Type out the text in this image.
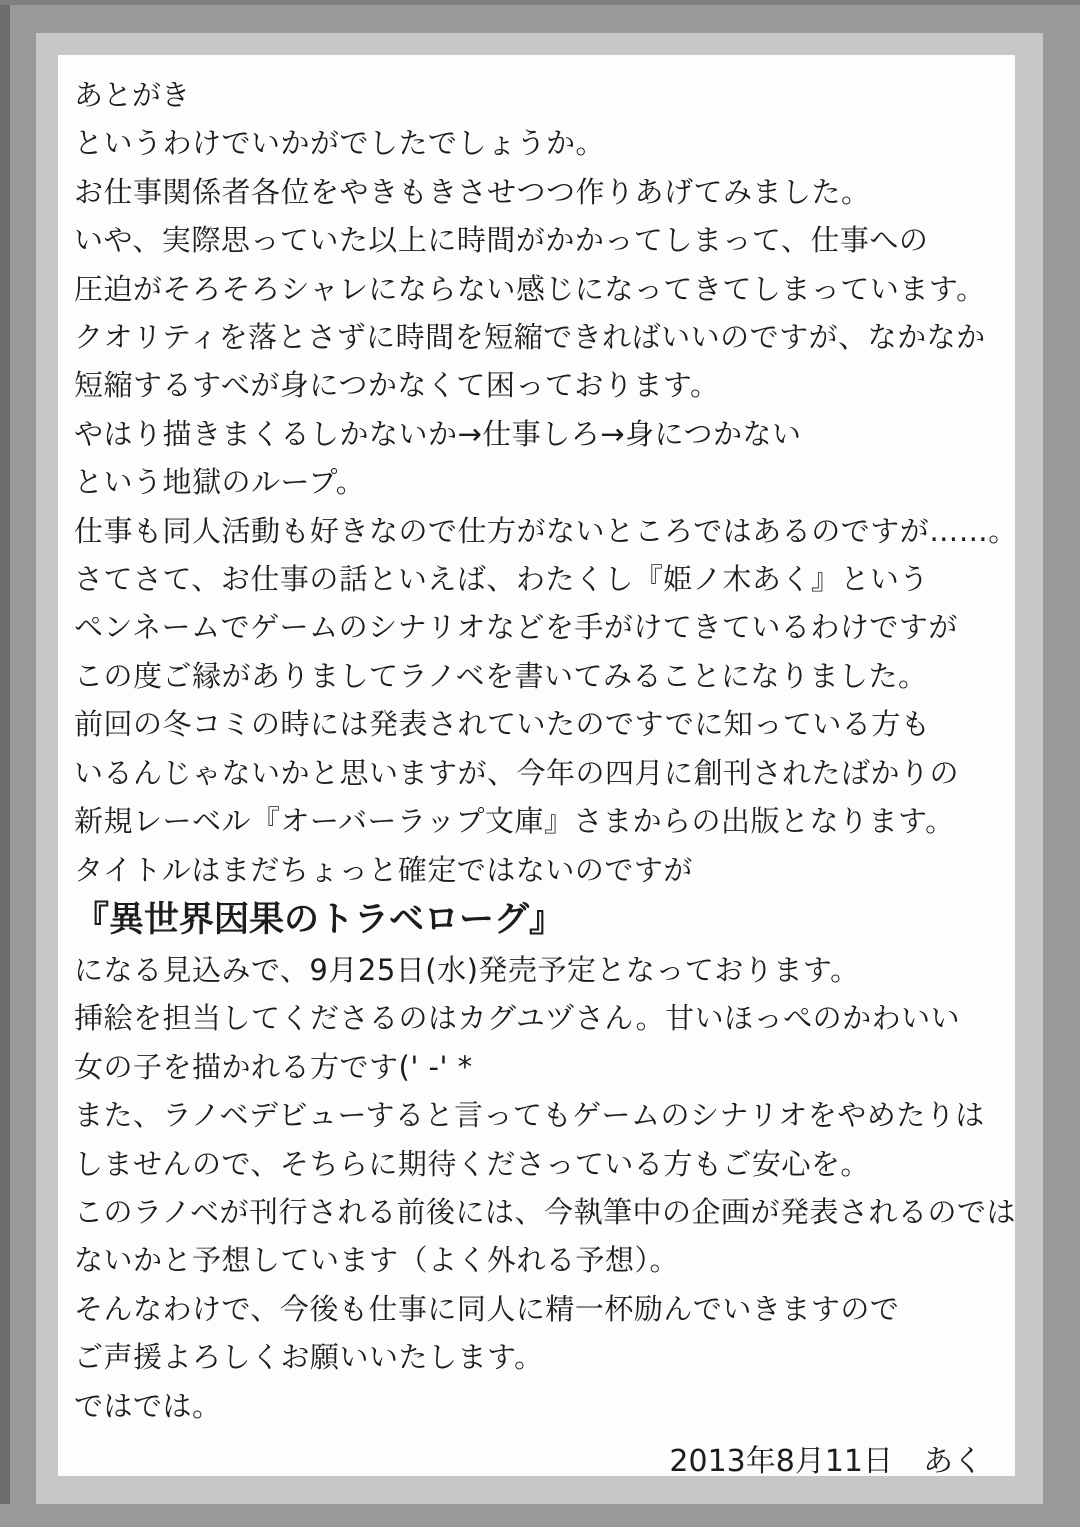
あとがき
というわけでいかがでしたでしょうか。
お仕事関係者各位をやきもきさせつつ作りあげてみました。
いや、実際思っていた以上に時間がかかってしまって、仕事への
圧迫がそろそろシャレにならない感じになってきてしまっています。
クオリティを落とさずに時間を短縮できればいいのですが、なかなか
短縮するすべが身につかなくて困っております。
やはり描きまくるしかないか→仕事しろ→身につかない
という地獄のループ。
仕事も同人活動も好きなので仕方がないところではあるのですが……。
さてさて、お仕事の話といえば、わたくし『姫ノ木あく』という
ペンネームでゲームのシナリオなどを手がけてきているわけですが
この度ご縁がありましてラノベを書いてみることになりました。
前回の冬コミの時には発表されていたのですでに知っている方も
いるんじゃないかと思いますが、今年の四月に創刊されたばかりの
新規レーベル『オーバーラップ文庫』さまからの出版となります。
タイトルはまだちょっと確定ではないのですが
『異世界因果のトラベローグ』
になる見込みで、9月25日(水)発売予定となっております。
挿絵を担当してくださるのはカグユヅさん。甘いほっぺのかわいい
女の子を描かれる方です(' -' *
また、ラノベデビューすると言ってもゲームのシナリオをやめたりは
しませんので、そちらに期待くださっている方もご安心を。
このラノベが刊行される前後には、今執筆中の企画が発表されるのでは
ないかと予想しています（よく外れる予想）。
そんなわけで、今後も仕事に同人に精一杯励んでいきますので
ご声援よろしくお願いいたします。
ではでは。
2013年8月11日　あく
